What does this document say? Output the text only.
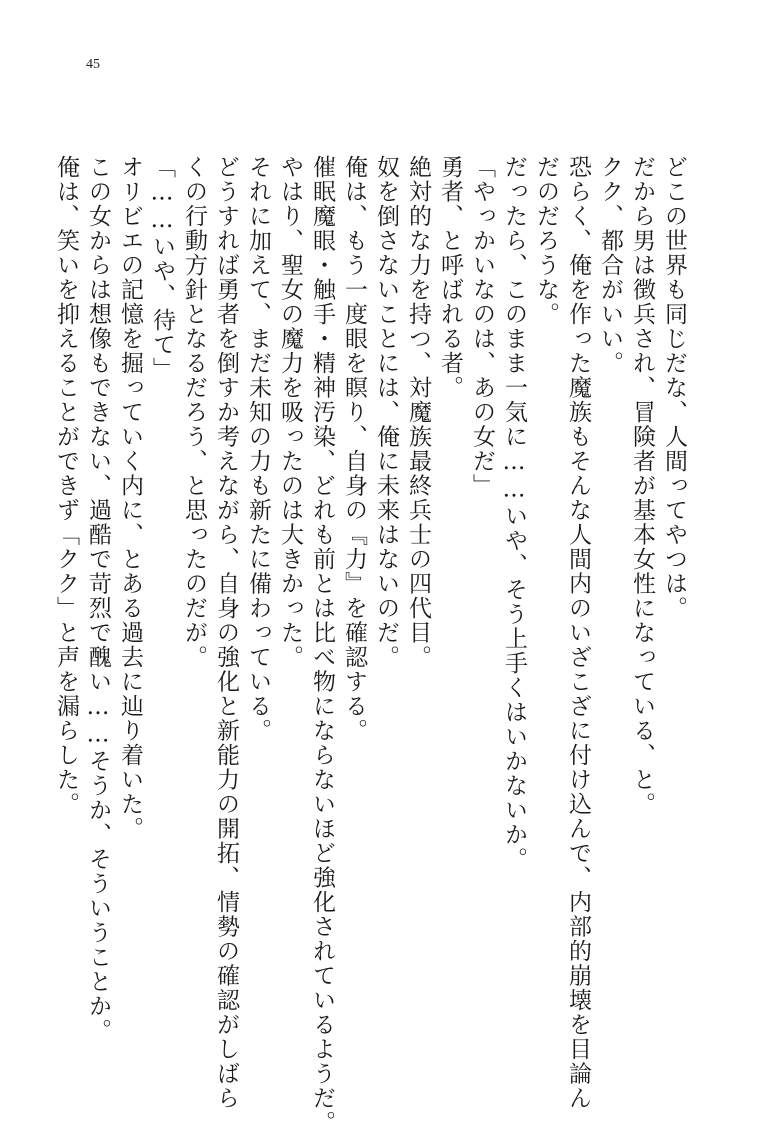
45
どこの世界も同じだな、人間ってやつは。
だから男は徴兵され、冒険者が基本女性になっている、と。
クク、都合がいい。
恐らく、俺を作った魔族もそんな人間内のいざこざに付け込んで、内部的崩壊を目論ん
だのだろうな。
だったら、このまま一気に……いや、そう上手くはいかないか。
「やっかいなのは、あの女だ」
勇者、と呼ばれる者。
絶対的な力を持つ、対魔族最終兵士の四代目。
奴を倒さないことには、俺に未来はないのだ。
俺は、もう一度眼を瞑り、自身の『力』を確認する。
催眠魔眼・触手・精神汚染、どれも前とは比べ物にならないほど強化されているようだ。
やはり、聖女の魔力を吸ったのは大きかった。
それに加えて、まだ未知の力も新たに備わっている。
どうすれば勇者を倒すか考えながら、自身の強化と新能力の開拓、情勢の確認がしばら
くの行動方針となるだろう、と思ったのだが。
「……いや、待て」
オリビエの記憶を掘っていく内に、とある過去に辿り着いた。
この女からは想像もできない、過酷で苛烈で醜い……そうか、そういうことか。
俺は、笑いを抑えることができず「クク」と声を漏らした。
